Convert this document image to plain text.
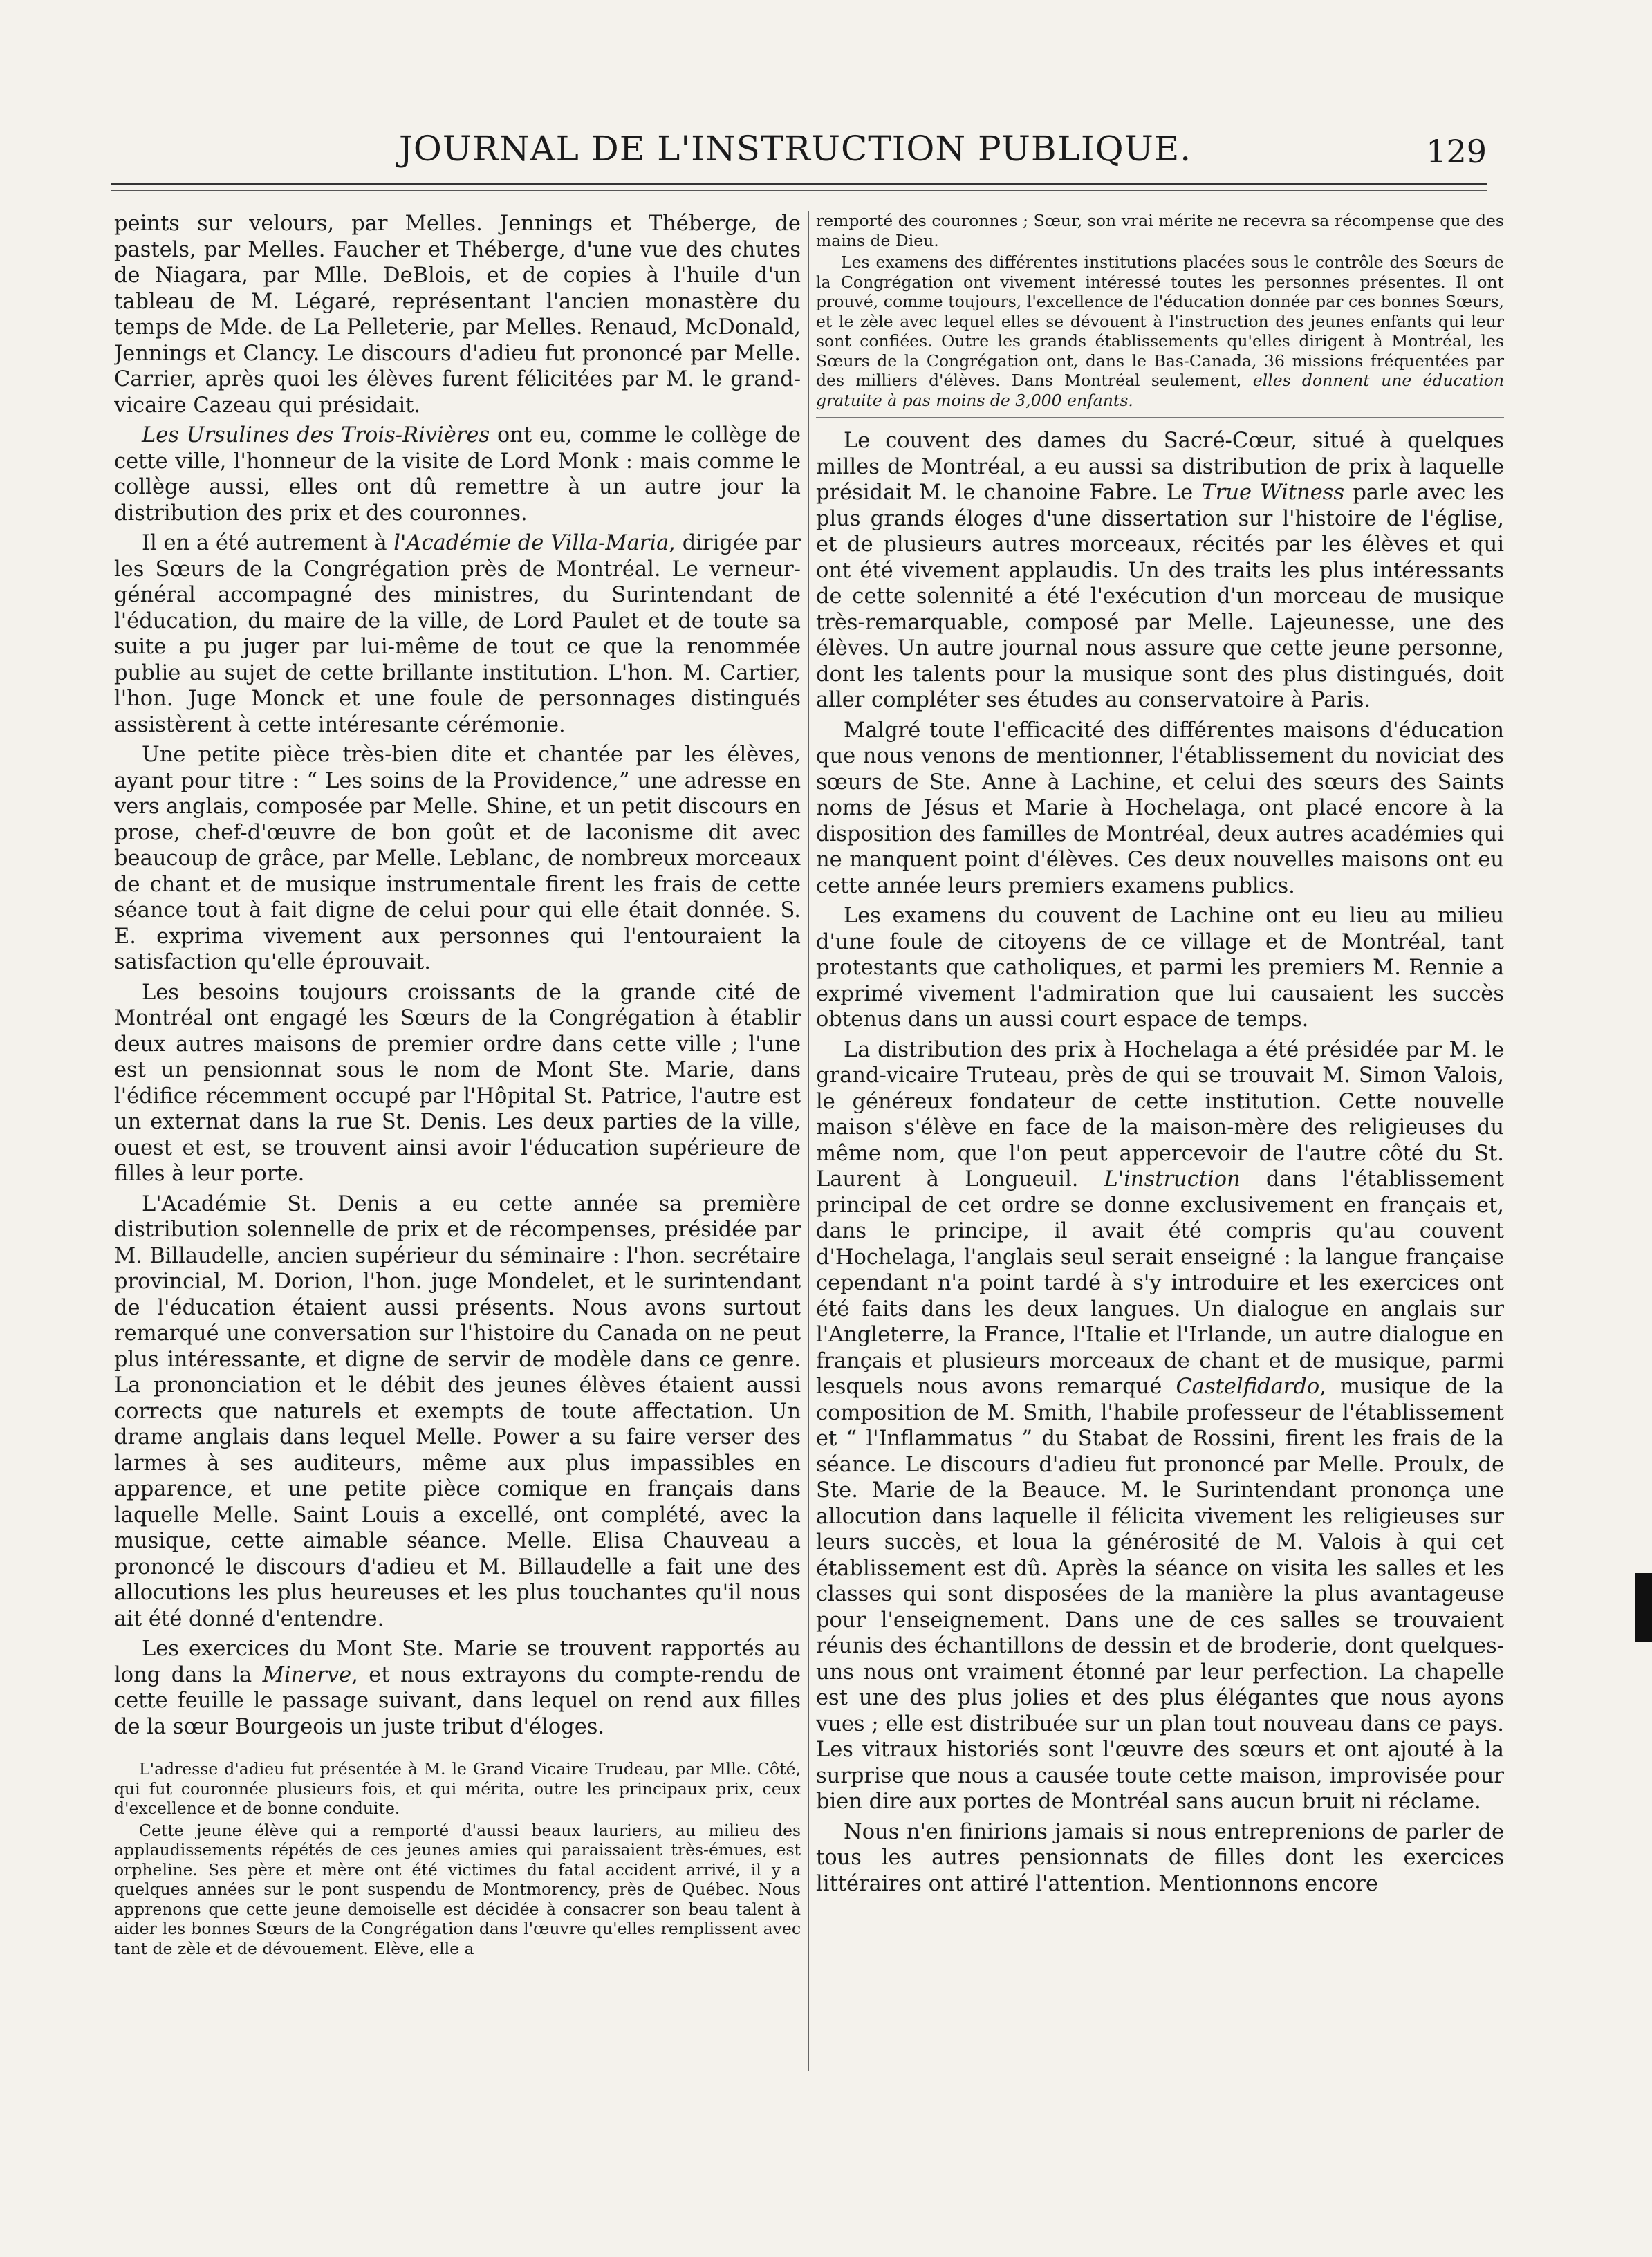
JOURNAL DE L'INSTRUCTION PUBLIQUE.	129

peints sur velours, par Melles. Jennings et Théberge, de pastels, par Melles. Faucher et Théberge, d'une vue des chutes de Niagara, par Mlle. DeBlois, et de copies à l'huile d'un tableau de M. Légaré, représentant l'ancien monastère du temps de Mde. de La Pelleterie, par Melles. Renaud, McDonald, Jennings et Clancy. Le discours d'adieu fut prononcé par Melle. Carrier, après quoi les élèves furent félicitées par M. le grand-vicaire Cazeau qui présidait.

Les Ursulines des Trois-Rivières ont eu, comme le collège de cette ville, l'honneur de la visite de Lord Monk : mais comme le collège aussi, elles ont dû remettre à un autre jour la distribution des prix et des couronnes.

Il en a été autrement à l'Académie de Villa-Maria, dirigée par les Sœurs de la Congrégation près de Montréal. Le verneur-général accompagné des ministres, du Surintendant de l'éducation, du maire de la ville, de Lord Paulet et de toute sa suite a pu juger par lui-même de tout ce que la renommée publie au sujet de cette brillante institution. L'hon. M. Cartier, l'hon. Juge Monck et une foule de personnages distingués assistèrent à cette intéresante cérémonie.

Une petite pièce très-bien dite et chantée par les élèves, ayant pour titre : “ Les soins de la Providence,” une adresse en vers anglais, composée par Melle. Shine, et un petit discours en prose, chef-d'œuvre de bon goût et de laconisme dit avec beaucoup de grâce, par Melle. Leblanc, de nombreux morceaux de chant et de musique instrumentale firent les frais de cette séance tout à fait digne de celui pour qui elle était donnée. S. E. exprima vivement aux personnes qui l'entouraient la satisfaction qu'elle éprouvait.

Les besoins toujours croissants de la grande cité de Montréal ont engagé les Sœurs de la Congrégation à établir deux autres maisons de premier ordre dans cette ville ; l'une est un pensionnat sous le nom de Mont Ste. Marie, dans l'édifice récemment occupé par l'Hôpital St. Patrice, l'autre est un externat dans la rue St. Denis. Les deux parties de la ville, ouest et est, se trouvent ainsi avoir l'éducation supérieure de filles à leur porte.

L'Académie St. Denis a eu cette année sa première distribution solennelle de prix et de récompenses, présidée par M. Billaudelle, ancien supérieur du séminaire : l'hon. secrétaire provincial, M. Dorion, l'hon. juge Mondelet, et le surintendant de l'éducation étaient aussi présents. Nous avons surtout remarqué une conversation sur l'histoire du Canada on ne peut plus intéressante, et digne de servir de modèle dans ce genre. La prononciation et le débit des jeunes élèves étaient aussi corrects que naturels et exempts de toute affectation. Un drame anglais dans lequel Melle. Power a su faire verser des larmes à ses auditeurs, même aux plus impassibles en apparence, et une petite pièce comique en français dans laquelle Melle. Saint Louis a excellé, ont complété, avec la musique, cette aimable séance. Melle. Elisa Chauveau a prononcé le discours d'adieu et M. Billaudelle a fait une des allocutions les plus heureuses et les plus touchantes qu'il nous ait été donné d'entendre.

Les exercices du Mont Ste. Marie se trouvent rapportés au long dans la Minerve, et nous extrayons du compte-rendu de cette feuille le passage suivant, dans lequel on rend aux filles de la sœur Bourgeois un juste tribut d'éloges.

L'adresse d'adieu fut présentée à M. le Grand Vicaire Trudeau, par Mlle. Côté, qui fut couronnée plusieurs fois, et qui mérita, outre les principaux prix, ceux d'excellence et de bonne conduite.

Cette jeune élève qui a remporté d'aussi beaux lauriers, au milieu des applaudissements répétés de ces jeunes amies qui paraissaient très-émues, est orpheline. Ses père et mère ont été victimes du fatal accident arrivé, il y a quelques années sur le pont suspendu de Montmorency, près de Québec. Nous apprenons que cette jeune demoiselle est décidée à consacrer son beau talent à aider les bonnes Sœurs de la Congrégation dans l'œuvre qu'elles remplissent avec tant de zèle et de dévouement. Elève, elle a

remporté des couronnes ; Sœur, son vrai mérite ne recevra sa récompense que des mains de Dieu.

Les examens des différentes institutions placées sous le contrôle des Sœurs de la Congrégation ont vivement intéressé toutes les personnes présentes. Il ont prouvé, comme toujours, l'excellence de l'éducation donnée par ces bonnes Sœurs, et le zèle avec lequel elles se dévouent à l'instruction des jeunes enfants qui leur sont confiées. Outre les grands établissements qu'elles dirigent à Montréal, les Sœurs de la Congrégation ont, dans le Bas-Canada, 36 missions fréquentées par des milliers d'élèves. Dans Montréal seulement, elles donnent une éducation gratuite à pas moins de 3,000 enfants.

Le couvent des dames du Sacré-Cœur, situé à quelques milles de Montréal, a eu aussi sa distribution de prix à laquelle présidait M. le chanoine Fabre. Le True Witness parle avec les plus grands éloges d'une dissertation sur l'histoire de l'église, et de plusieurs autres morceaux, récités par les élèves et qui ont été vivement applaudis. Un des traits les plus intéressants de cette solennité a été l'exécution d'un morceau de musique très-remarquable, composé par Melle. Lajeunesse, une des élèves. Un autre journal nous assure que cette jeune personne, dont les talents pour la musique sont des plus distingués, doit aller compléter ses études au conservatoire à Paris.

Malgré toute l'efficacité des différentes maisons d'éducation que nous venons de mentionner, l'établissement du noviciat des sœurs de Ste. Anne à Lachine, et celui des sœurs des Saints noms de Jésus et Marie à Hochelaga, ont placé encore à la disposition des familles de Montréal, deux autres académies qui ne manquent point d'élèves. Ces deux nouvelles maisons ont eu cette année leurs premiers examens publics.

Les examens du couvent de Lachine ont eu lieu au milieu d'une foule de citoyens de ce village et de Montréal, tant protestants que catholiques, et parmi les premiers M. Rennie a exprimé vivement l'admiration que lui causaient les succès obtenus dans un aussi court espace de temps.

La distribution des prix à Hochelaga a été présidée par M. le grand-vicaire Truteau, près de qui se trouvait M. Simon Valois, le généreux fondateur de cette institution. Cette nouvelle maison s'élève en face de la maison-mère des religieuses du même nom, que l'on peut appercevoir de l'autre côté du St. Laurent à Longueuil. L'instruction dans l'établissement principal de cet ordre se donne exclusivement en français et, dans le principe, il avait été compris qu'au couvent d'Hochelaga, l'anglais seul serait enseigné : la langue française cependant n'a point tardé à s'y introduire et les exercices ont été faits dans les deux langues. Un dialogue en anglais sur l'Angleterre, la France, l'Italie et l'Irlande, un autre dialogue en français et plusieurs morceaux de chant et de musique, parmi lesquels nous avons remarqué Castelfidardo, musique de la composition de M. Smith, l'habile professeur de l'établissement et “ l'Inflammatus ” du Stabat de Rossini, firent les frais de la séance. Le discours d'adieu fut prononcé par Melle. Proulx, de Ste. Marie de la Beauce. M. le Surintendant prononça une allocution dans laquelle il félicita vivement les religieuses sur leurs succès, et loua la générosité de M. Valois à qui cet établissement est dû. Après la séance on visita les salles et les classes qui sont disposées de la manière la plus avantageuse pour l'enseignement. Dans une de ces salles se trouvaient réunis des échantillons de dessin et de broderie, dont quelques-uns nous ont vraiment étonné par leur perfection. La chapelle est une des plus jolies et des plus élégantes que nous ayons vues ; elle est distribuée sur un plan tout nouveau dans ce pays. Les vitraux historiés sont l'œuvre des sœurs et ont ajouté à la surprise que nous a causée toute cette maison, improvisée pour bien dire aux portes de Montréal sans aucun bruit ni réclame.

Nous n'en finirions jamais si nous entreprenions de parler de tous les autres pensionnats de filles dont les exercices littéraires ont attiré l'attention. Mentionnons encore
